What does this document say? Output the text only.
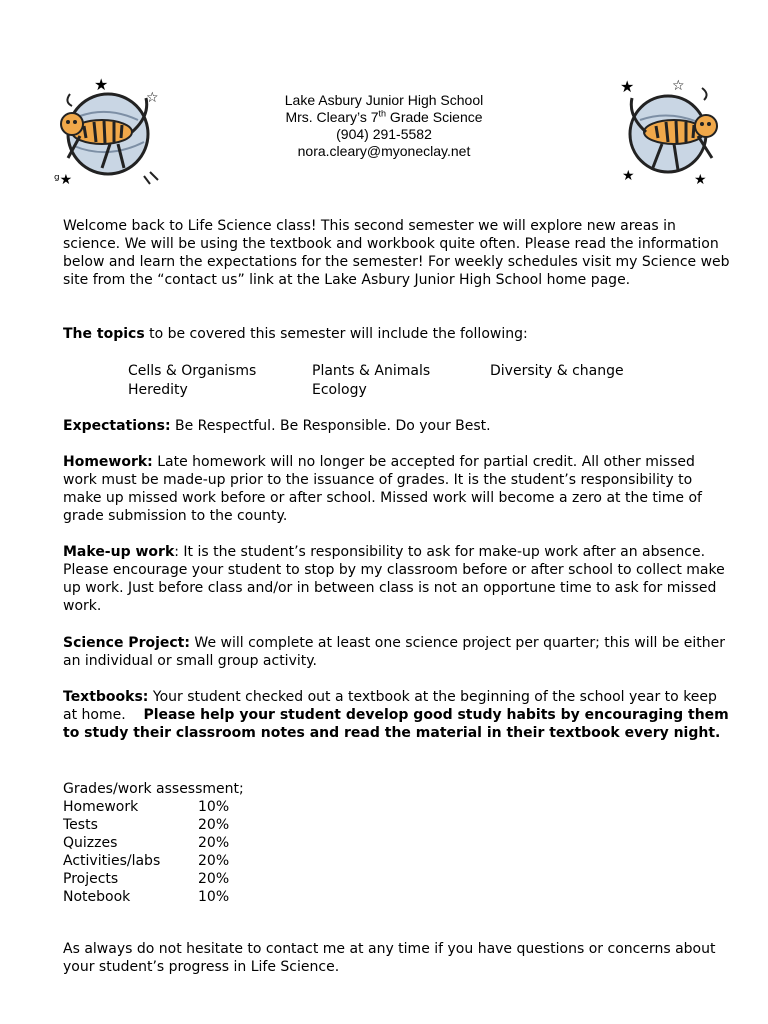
★
☆
ᵍ★
★	☆
★
★
Lake Asbury Junior High School
Mrs. Cleary’s 7th Grade Science
(904) 291-5582
nora.cleary@myoneclay.net

Welcome back to Life Science class! This second semester we will explore new areas in science. We will be using the textbook and workbook quite often. Please read the information below and learn the expectations for the semester! For weekly schedules visit my Science web site from the “contact us” link at the Lake Asbury Junior High School home page.

The topics to be covered this semester will include the following:

Cells & Organisms	Plants & Animals	Diversity & change
Heredity	Ecology

Expectations: Be Respectful. Be Responsible. Do your Best.

Homework: Late homework will no longer be accepted for partial credit. All other missed work must be made-up prior to the issuance of grades. It is the student’s responsibility to make up missed work before or after school. Missed work will become a zero at the time of grade submission to the county.

Make-up work: It is the student’s responsibility to ask for make-up work after an absence. Please encourage your student to stop by my classroom before or after school to collect make up work. Just before class and/or in between class is not an opportune time to ask for missed work.

Science Project: We will complete at least one science project per quarter; this will be either an individual or small group activity.

Textbooks: Your student checked out a textbook at the beginning of the school year to keep at home.    Please help your student develop good study habits by encouraging them to study their classroom notes and read the material in their textbook every night.

Grades/work assessment;
Homework	10%
Tests	20%
Quizzes	20%
Activities/labs	20%
Projects	20%
Notebook	10%

As always do not hesitate to contact me at any time if you have questions or concerns about your student’s progress in Life Science.
